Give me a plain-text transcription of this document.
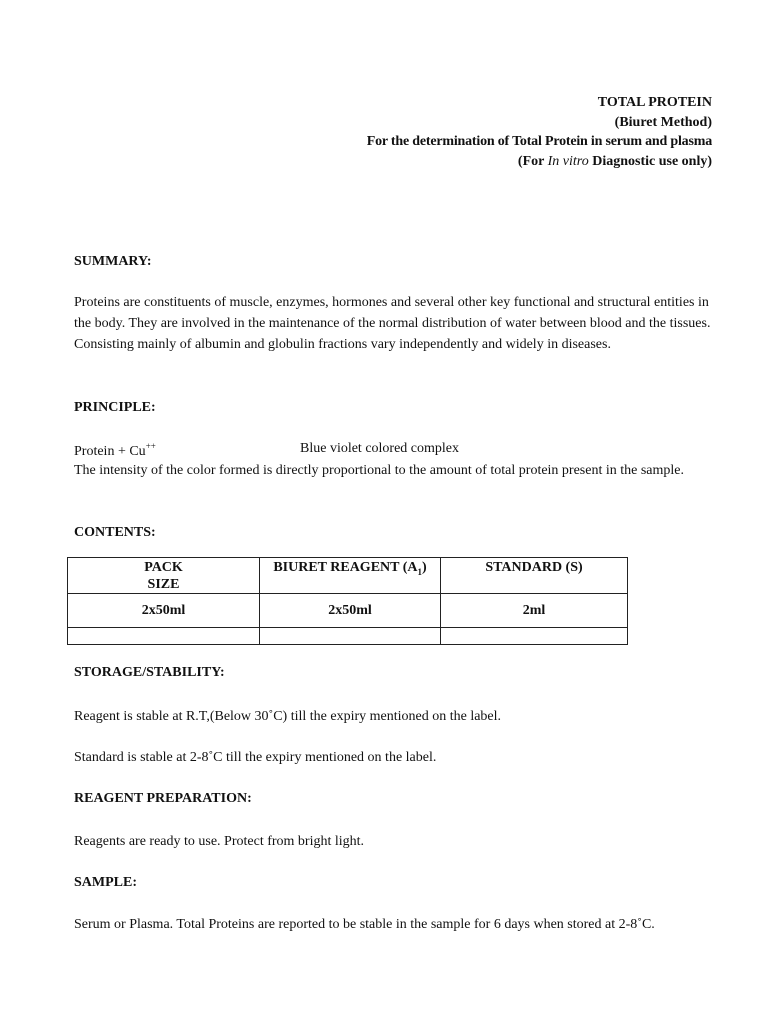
TOTAL PROTEIN
(Biuret Method)
For the determination of Total Protein in serum and plasma
(For In vitro Diagnostic use only)
SUMMARY:
Proteins are constituents of muscle, enzymes, hormones and several other key functional and structural entities in the body. They are involved in the maintenance of the normal distribution of water between blood and the tissues. Consisting mainly of albumin and globulin fractions vary independently and widely in diseases.
PRINCIPLE:
Protein + Cu++	Blue violet colored complex
The intensity of the color formed is directly proportional to the amount of total protein present in the sample.
CONTENTS:
PACK
SIZE	BIURET REAGENT $(A_1)$	STANDARD (S)
2x50ml	2x50ml	2ml

STORAGE/STABILITY:
Reagent is stable at R.T,(Below 30˚C) till the expiry mentioned on the label.
Standard is stable at 2-8˚C till the expiry mentioned on the label.
REAGENT PREPARATION:
Reagents are ready to use. Protect from bright light.
SAMPLE:
Serum or Plasma. Total Proteins are reported to be stable in the sample for 6 days when stored at 2-8˚C.
